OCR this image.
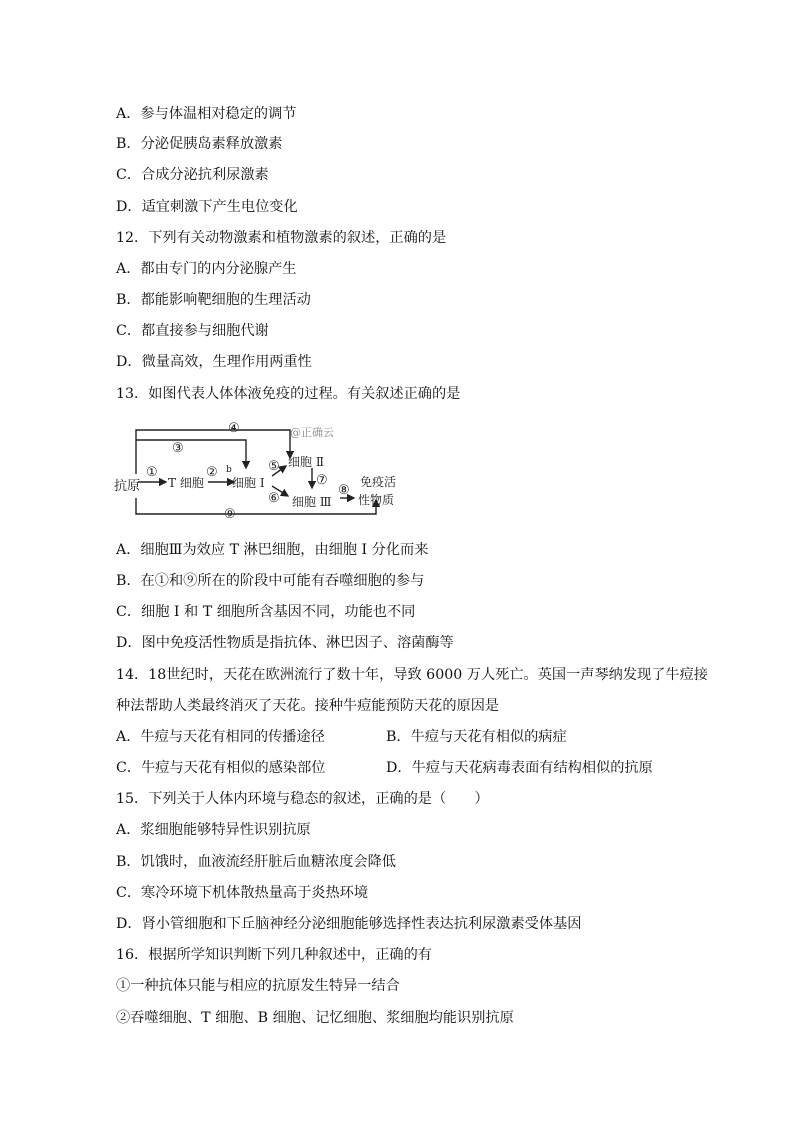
A．参与体温相对稳定的调节
B．分泌促胰岛素释放激素
C．合成分泌抗利尿激素
D．适宜刺激下产生电位变化
12．下列有关动物激素和植物激素的叙述，正确的是
A．都由专门的内分泌腺产生
B．都能影响靶细胞的生理活动
C．都直接参与细胞代谢
D．微量高效，生理作用两重性
13．如图代表人体体液免疫的过程。有关叙述正确的是
@正确云
④
③
①	② b
抗原 T 细胞 细胞 Ⅰ
⑤ 细胞 Ⅱ
⑦
⑥ 细胞 Ⅲ
⑧
免疫活
性物质
⑨
A．细胞Ⅲ为效应 T 淋巴细胞，由细胞 I 分化而来
B．在①和⑨所在的阶段中可能有吞噬细胞的参与
C．细胞 I 和 T 细胞所含基因不同，功能也不同
D．图中免疫活性物质是指抗体、淋巴因子、溶菌酶等
14．18世纪时，天花在欧洲流行了数十年，导致 6000 万人死亡。英国一声琴纳发现了牛痘接
种法帮助人类最终消灭了天花。接种牛痘能预防天花的原因是
A．牛痘与天花有相同的传播途径	B．牛痘与天花有相似的病症
C．牛痘与天花有相似的感染部位	D．牛痘与天花病毒表面有结构相似的抗原
15．下列关于人体内环境与稳态的叙述，正确的是（　　）
A．浆细胞能够特异性识别抗原
B．饥饿时，血液流经肝脏后血糖浓度会降低
C．寒冷环境下机体散热量高于炎热环境
D．肾小管细胞和下丘脑神经分泌细胞能够选择性表达抗利尿激素受体基因
16．根据所学知识判断下列几种叙述中，正确的有
①一种抗体只能与相应的抗原发生特异一结合
②吞噬细胞、T 细胞、B 细胞、记忆细胞、浆细胞均能识别抗原
